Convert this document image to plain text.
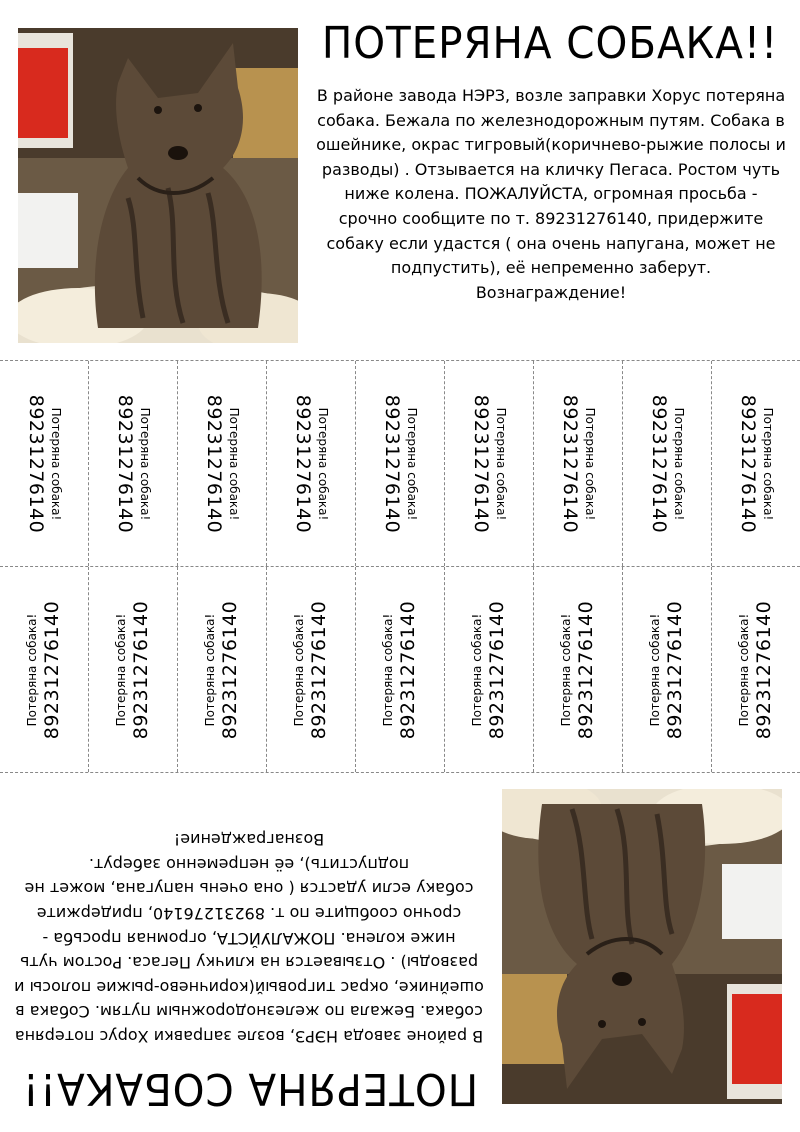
ПОТЕРЯНА СОБАКА!!
В районе завода НЭРЗ, возле заправки Хорус потеряна собака. Бежала по железнодорожным путям. Собака в ошейнике, окрас тигровый(коричнево-рыжие полосы и разводы) . Отзывается на кличку Пегаса. Ростом чуть ниже колена. ПОЖАЛУЙСТА, огромная просьба - срочно сообщите по т. 89231276140, придержите собаку если удастся ( она очень напугана, может не подпустить), её непременно заберут. Вознаграждение!
Потеряна собака!
89231276140	Потеряна собака!
89231276140	Потеряна собака!
89231276140	Потеряна собака!
89231276140	Потеряна собака!
89231276140	Потеряна собака!
89231276140	Потеряна собака!
89231276140	Потеряна собака!
89231276140	Потеряна собака!
89231276140
Потеряна собака! 89231276140	Потеряна собака! 89231276140	Потеряна собака! 89231276140	Потеряна собака! 89231276140	Потеряна собака! 89231276140	Потеряна собака! 89231276140	Потеряна собака! 89231276140	Потеряна собака! 89231276140	Потеряна собака! 89231276140
ПОТЕРЯНА СОБАКА!!
В районе завода НЭРЗ, возле заправки Хорус потеряна собака. Бежала по железнодорожным путям. Собака в ошейнике, окрас тигровый(коричнево-рыжие полосы и разводы) . Отзывается на кличку Пегаса. Ростом чуть ниже колена. ПОЖАЛУЙСТА, огромная просьба - срочно сообщите по т. 89231276140, придержите собаку если удастся ( она очень напугана, может не подпустить), её непременно заберут. Вознаграждение!
